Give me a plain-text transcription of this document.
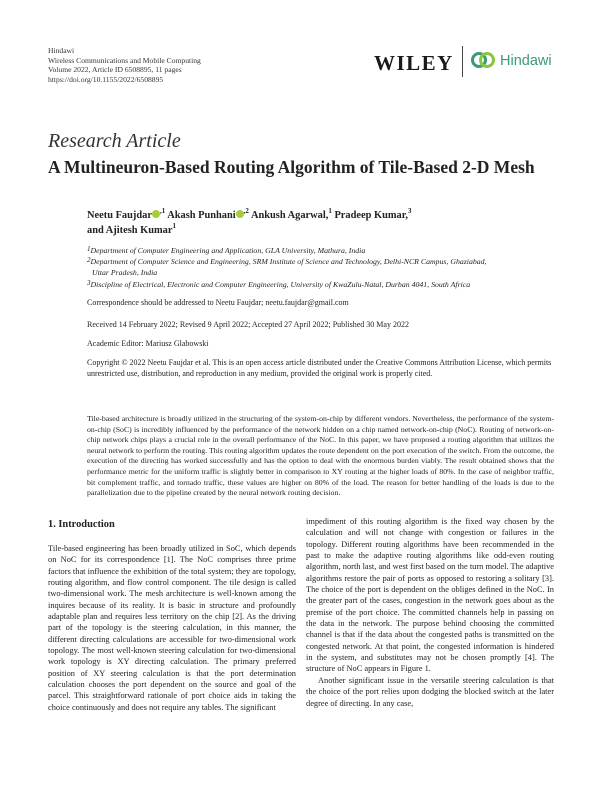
Hindawi
Wireless Communications and Mobile Computing
Volume 2022, Article ID 6508895, 11 pages
https://doi.org/10.1155/2022/6508895
WILEY	Hindawi
Research Article
A Multineuron-Based Routing Algorithm of Tile-Based 2-D Mesh
Neetu Faujdar $^{,1}$ Akash Punhani $^{,2}$ Ankush Agarwal,$^1$ Pradeep Kumar,$^3$
and Ajitesh Kumar$^1$
1Department of Computer Engineering and Application, GLA University, Mathura, India
2Department of Computer Science and Engineering, SRM Institute of Science and Technology, Delhi-NCR Campus, Ghaziabad,
Uttar Pradesh, India
3Discipline of Electrical, Electronic and Computer Engineering, University of KwaZulu-Natal, Durban 4041, South Africa
Correspondence should be addressed to Neetu Faujdar; neetu.faujdar@gmail.com
Received 14 February 2022; Revised 9 April 2022; Accepted 27 April 2022; Published 30 May 2022
Academic Editor: Mariusz Glabowski
Copyright © 2022 Neetu Faujdar et al. This is an open access article distributed under the Creative Commons Attribution License, which permits unrestricted use, distribution, and reproduction in any medium, provided the original work is properly cited.
Tile-based architecture is broadly utilized in the structuring of the system-on-chip by different vendors. Nevertheless, the performance of the system-on-chip (SoC) is incredibly influenced by the performance of the network hidden on a chip named network-on-chip (NoC). Routing of network-on-chip network chips plays a crucial role in the overall performance of the NoC. In this paper, we have proposed a routing algorithm that utilizes the neural network to perform the routing. This routing algorithm updates the route dependent on the port execution of the switch. From the outcome, the execution of the directing has worked successfully and has the option to deal with the enormous burden viably. The result obtained shows that the performance metric for the uniform traffic is slightly better in comparison to XY routing at the higher loads of 80%. In the case of neighbor traffic, bit complement traffic, and tornado traffic, these values are higher on 80% of the load. The reason for better handling of the loads is due to the parallelization due to the pipeline created by the neural network routing decision.
1. Introduction

Tile-based engineering has been broadly utilized in SoC, which depends on NoC for its correspondence [1]. The NoC comprises three prime factors that influence the exhibition of the total system; they are topology, routing algorithm, and flow control component. The tile design is called two-dimensional work. The mesh architecture is well-known among the inquires because of its reality. It is basic in structure and profoundly adaptable plan and requires less territory on the chip [2]. As the driving part of the topology is the steering calculation, in this manner, the different directing calculations are accessible for two-dimensional work topology. The most well-known steering calculation for two-dimensional work topology is XY directing calculation. The primary preferred position of XY steering calculation is that the port determination calculation chooses the port dependent on the source and goal of the parcel. This straightforward rationale of port choice aids in taking the choice continuously and does not require any tables. The significant

impediment of this routing algorithm is the fixed way chosen by the calculation and will not change with congestion or failures in the topology. Different routing algorithms have been recommended in the past to make the adaptive routing algorithms like odd-even routing algorithm, north last, and west first based on the turn model. The adaptive algorithms restore the pair of ports as opposed to restoring a solitary [3]. The choice of the port is dependent on the obliges defined in the NoC. In the greater part of the cases, congestion in the network goes about as the premise of the port choice. The committed channels help in passing on the data in the network. The purpose behind choosing the committed channel is that if the data about the congested paths is transmitted on the congested network. At that point, the congested information is hindered in the system, and substitutes may not be chosen promptly [4]. The structure of NoC appears in Figure 1.

Another significant issue in the versatile steering calculation is that the choice of the port relies upon dodging the blocked switch at the later degree of directing. In any case,
